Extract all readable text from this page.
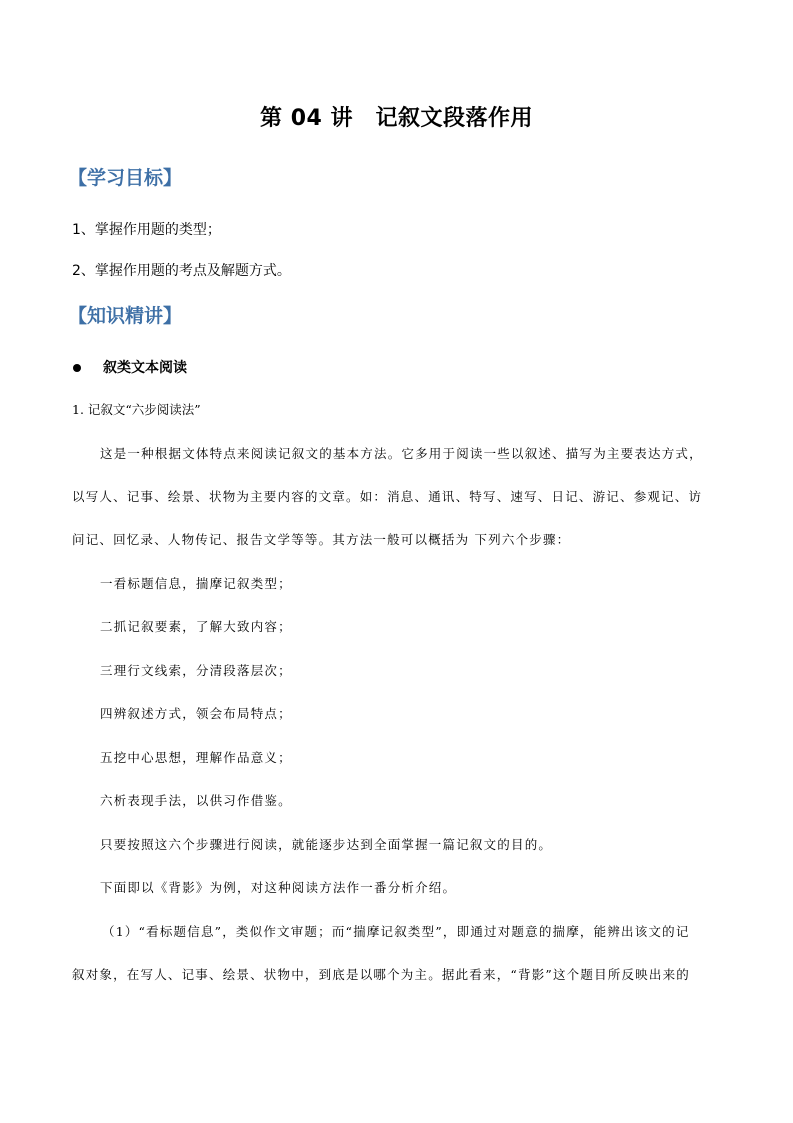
第 04 讲　记叙文段落作用
【学习目标】
1、掌握作用题的类型；
2、掌握作用题的考点及解题方式。
【知识精讲】
叙类文本阅读
1. 记叙文“六步阅读法”
这是一种根据文体特点来阅读记叙文的基本方法。它多用于阅读一些以叙述、描写为主要表达方式，
以写人、记事、绘景、状物为主要内容的文章。如：消息、通讯、特写、速写、日记、游记、参观记、访
问记、回忆录、人物传记、报告文学等等。其方法一般可以概括为 下列六个步骤：
一看标题信息，揣摩记叙类型；
二抓记叙要素，了解大致内容；
三理行文线索，分清段落层次；
四辨叙述方式，领会布局特点；
五挖中心思想，理解作品意义；
六析表现手法，以供习作借鉴。
只要按照这六个步骤进行阅读，就能逐步达到全面掌握一篇记叙文的目的。
下面即以《背影》为例，对这种阅读方法作一番分析介绍。
（1）“看标题信息”，类似作文审题；而“揣摩记叙类型”，即通过对题意的揣摩，能辨出该文的记
叙对象，在写人、记事、绘景、状物中，到底是以哪个为主。据此看来，“背影”这个题目所反映出来的
